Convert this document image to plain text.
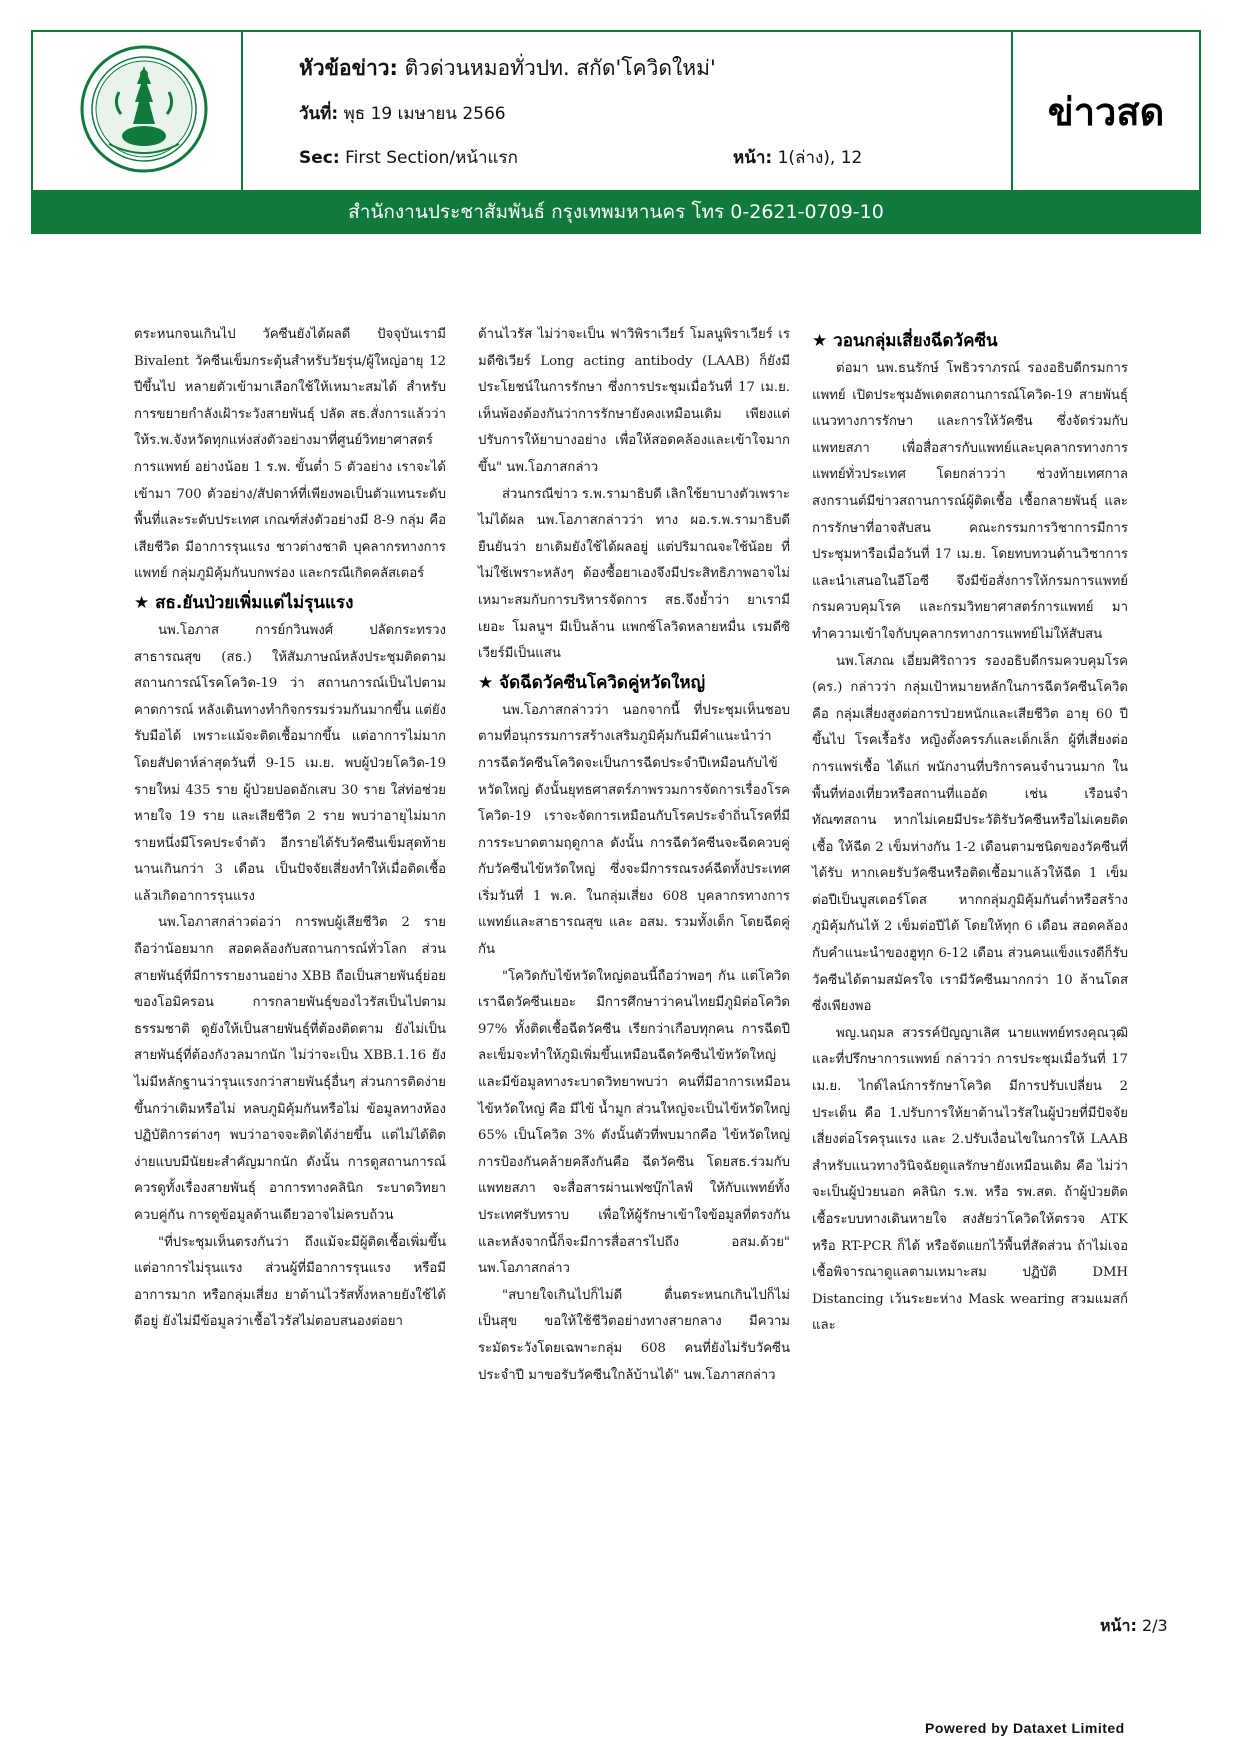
หัวข้อข่าว: ติวด่วนหมอทั่วปท. สกัด'โควิดใหม่'
วันที่: พุธ 19 เมษายน 2566
Sec: First Section/หน้าแรก	หน้า: 1(ล่าง), 12
ข่าวสด
สำนักงานประชาสัมพันธ์ กรุงเทพมหานคร โทร 0-2621-0709-10

ตระหนกจนเกินไป วัคซีนยังได้ผลดี ปัจจุบันเรามี Bivalent วัคซีนเข็มกระตุ้นสำหรับวัยรุ่น/ผู้ใหญ่อายุ 12 ปีขึ้นไป หลายตัวเข้ามาเลือกใช้ให้เหมาะสมได้ สำหรับการขยายกำลังเฝ้าระวังสายพันธุ์ ปลัด สธ.สั่งการแล้วว่าให้ร.พ.จังหวัดทุกแห่งส่งตัวอย่างมาที่ศูนย์วิทยาศาสตร์การแพทย์ อย่างน้อย 1 ร.พ. ขั้นต่ำ 5 ตัวอย่าง เราจะได้เข้ามา 700 ตัวอย่าง/สัปดาห์ที่เพียงพอเป็นตัวแทนระดับพื้นที่และระดับประเทศ เกณฑ์ส่งตัวอย่างมี 8-9 กลุ่ม คือ เสียชีวิต มีอาการรุนแรง ชาวต่างชาติ บุคลากรทางการแพทย์ กลุ่มภูมิคุ้มกันบกพร่อง และกรณีเกิดคลัสเตอร์

★ สธ.ยันป่วยเพิ่มแต่ไม่รุนแรง

นพ.โอภาส การย์กวินพงศ์ ปลัดกระทรวงสาธารณสุข (สธ.) ให้สัมภาษณ์หลังประชุมติดตามสถานการณ์โรคโควิด-19 ว่า สถานการณ์เป็นไปตามคาดการณ์ หลังเดินทางทำกิจกรรมร่วมกันมากขึ้น แต่ยังรับมือได้ เพราะแม้จะติดเชื้อมากขึ้น แต่อาการไม่มาก โดยสัปดาห์ล่าสุดวันที่ 9-15 เม.ย. พบผู้ป่วยโควิด-19 รายใหม่ 435 ราย ผู้ป่วยปอดอักเสบ 30 ราย ใส่ท่อช่วยหายใจ 19 ราย และเสียชีวิต 2 ราย พบว่าอายุไม่มาก รายหนึ่งมีโรคประจำตัว อีกรายได้รับวัคซีนเข็มสุดท้ายนานเกินกว่า 3 เดือน เป็นปัจจัยเสี่ยงทำให้เมื่อติดเชื้อแล้วเกิดอาการรุนแรง

นพ.โอภาสกล่าวต่อว่า การพบผู้เสียชีวิต 2 รายถือว่าน้อยมาก สอดคล้องกับสถานการณ์ทั่วโลก ส่วนสายพันธุ์ที่มีการรายงานอย่าง XBB ถือเป็นสายพันธุ์ย่อยของโอมิครอน การกลายพันธุ์ของไวรัสเป็นไปตามธรรมชาติ ดูยังให้เป็นสายพันธุ์ที่ต้องติดตาม ยังไม่เป็นสายพันธุ์ที่ต้องกังวลมากนัก ไม่ว่าจะเป็น XBB.1.16 ยังไม่มีหลักฐานว่ารุนแรงกว่าสายพันธุ์อื่นๆ ส่วนการติดง่ายขึ้นกว่าเดิมหรือไม่ หลบภูมิคุ้มกันหรือไม่ ข้อมูลทางห้องปฏิบัติการต่างๆ พบว่าอาจจะติดได้ง่ายขึ้น แต่ไม่ได้ติดง่ายแบบมีนัยยะสำคัญมากนัก ดังนั้น การดูสถานการณ์ควรดูทั้งเรื่องสายพันธุ์ อาการทางคลินิก ระบาดวิทยาควบคู่กัน การดูข้อมูลด้านเดียวอาจไม่ครบถ้วน

"ที่ประชุมเห็นตรงกันว่า ถึงแม้จะมีผู้ติดเชื้อเพิ่มขึ้นแต่อาการไม่รุนแรง ส่วนผู้ที่มีอาการรุนแรง หรือมีอาการมาก หรือกลุ่มเสี่ยง ยาต้านไวรัสทั้งหลายยังใช้ได้ดีอยู่ ยังไม่มีข้อมูลว่าเชื้อไวรัสไม่ตอบสนองต่อยา

ต้านไวรัส ไม่ว่าจะเป็น ฟาวิพิราเวียร์ โมลนูพิราเวียร์ เรมดีซิเวียร์ Long acting antibody (LAAB) ก็ยังมีประโยชน์ในการรักษา ซึ่งการประชุมเมื่อวันที่ 17 เม.ย. เห็นพ้องต้องกันว่าการรักษายังคงเหมือนเดิม เพียงแต่ปรับการให้ยาบางอย่าง เพื่อให้สอดคล้องและเข้าใจมากขึ้น" นพ.โอภาสกล่าว

ส่วนกรณีข่าว ร.พ.รามาธิบดี เลิกใช้ยาบางตัวเพราะไม่ได้ผล นพ.โอภาสกล่าวว่า ทาง ผอ.ร.พ.รามาธิบดียืนยันว่า ยาเดิมยังใช้ได้ผลอยู่ แต่ปริมาณจะใช้น้อย ที่ไม่ใช้เพราะหลังๆ ต้องซื้อยาเองจึงมีประสิทธิภาพอาจไม่เหมาะสมกับการบริหารจัดการ สธ.จึงย้ำว่า ยาเรามีเยอะ โมลนูฯ มีเป็นล้าน แพกซ์โลวิดหลายหมื่น เรมดีซิเวียร์มีเป็นแสน

★ จัดฉีดวัคซีนโควิดคู่หวัดใหญ่

นพ.โอภาสกล่าวว่า นอกจากนี้ ที่ประชุมเห็นชอบตามที่อนุกรรมการสร้างเสริมภูมิคุ้มกันมีคำแนะนำว่า การฉีดวัคซีนโควิดจะเป็นการฉีดประจำปีเหมือนกับไข้หวัดใหญ่ ดังนั้นยุทธศาสตร์ภาพรวมการจัดการเรื่องโรคโควิด-19 เราจะจัดการเหมือนกับโรคประจำถิ่นโรคที่มีการระบาดตามฤดูกาล ดังนั้น การฉีดวัคซีนจะฉีดควบคู่กับวัคซีนไข้หวัดใหญ่ ซึ่งจะมีการรณรงค์ฉีดทั้งประเทศเริ่มวันที่ 1 พ.ค. ในกลุ่มเสี่ยง 608 บุคลากรทางการแพทย์และสาธารณสุข และ อสม. รวมทั้งเด็ก โดยฉีดคู่กัน

"โควิดกับไข้หวัดใหญ่ตอนนี้ถือว่าพอๆ กัน แต่โควิดเราฉีดวัคซีนเยอะ มีการศึกษาว่าคนไทยมีภูมิต่อโควิด 97% ทั้งติดเชื้อฉีดวัคซีน เรียกว่าเกือบทุกคน การฉีดปีละเข็มจะทำให้ภูมิเพิ่มขึ้นเหมือนฉีดวัคซีนไข้หวัดใหญ่ และมีข้อมูลทางระบาดวิทยาพบว่า คนที่มีอาการเหมือนไข้หวัดใหญ่ คือ มีไข้ น้ำมูก ส่วนใหญ่จะเป็นไข้หวัดใหญ่ 65% เป็นโควิด 3% ดังนั้นตัวที่พบมากคือ ไข้หวัดใหญ่ การป้องกันคล้ายคลึงกันคือ ฉีดวัคซีน โดยสธ.ร่วมกับแพทยสภา จะสื่อสารผ่านเฟซบุ๊กไลฟ์ ให้กับแพทย์ทั้งประเทศรับทราบ เพื่อให้ผู้รักษาเข้าใจข้อมูลที่ตรงกัน และหลังจากนี้ก็จะมีการสื่อสารไปถึง อสม.ด้วย" นพ.โอภาสกล่าว

"สบายใจเกินไปก็ไม่ดี ตื่นตระหนกเกินไปก็ไม่เป็นสุข ขอให้ใช้ชีวิตอย่างทางสายกลาง มีความระมัดระวังโดยเฉพาะกลุ่ม 608 คนที่ยังไม่รับวัคซีนประจำปี มาขอรับวัคซีนใกล้บ้านได้" นพ.โอภาสกล่าว

★ วอนกลุ่มเสี่ยงฉีดวัคซีน

ต่อมา นพ.ธนรักษ์ โพธิวราภรณ์ รองอธิบดีกรมการแพทย์ เปิดประชุมอัพเดตสถานการณ์โควิด-19 สายพันธุ์ แนวทางการรักษา และการให้วัคซีน ซึ่งจัดร่วมกับแพทยสภา เพื่อสื่อสารกับแพทย์และบุคลากรทางการแพทย์ทั่วประเทศ โดยกล่าวว่า ช่วงท้ายเทศกาลสงกรานต์มีข่าวสถานการณ์ผู้ติดเชื้อ เชื้อกลายพันธุ์ และการรักษาที่อาจสับสน คณะกรรมการวิชาการมีการประชุมหารือเมื่อวันที่ 17 เม.ย. โดยทบทวนด้านวิชาการและนำเสนอในอีโอซี จึงมีข้อสั่งการให้กรมการแพทย์ กรมควบคุมโรค และกรมวิทยาศาสตร์การแพทย์ มาทำความเข้าใจกับบุคลากรทางการแพทย์ไม่ให้สับสน

นพ.โสภณ เอี่ยมศิริถาวร รองอธิบดีกรมควบคุมโรค (คร.) กล่าวว่า กลุ่มเป้าหมายหลักในการฉีดวัคซีนโควิด คือ กลุ่มเสี่ยงสูงต่อการป่วยหนักและเสียชีวิต อายุ 60 ปีขึ้นไป โรคเรื้อรัง หญิงตั้งครรภ์และเด็กเล็ก ผู้ที่เสี่ยงต่อการแพร่เชื้อ ได้แก่ พนักงานที่บริการคนจำนวนมาก ในพื้นที่ท่องเที่ยวหรือสถานที่แออัด เช่น เรือนจำ ทัณฑสถาน หากไม่เคยมีประวัติรับวัคซีนหรือไม่เคยติดเชื้อ ให้ฉีด 2 เข็มห่างกัน 1-2 เดือนตามชนิดของวัคซีนที่ได้รับ หากเคยรับวัคซีนหรือติดเชื้อมาแล้วให้ฉีด 1 เข็มต่อปีเป็นบูสเตอร์โดส หากกลุ่มภูมิคุ้มกันต่ำหรือสร้างภูมิคุ้มกันไห้ 2 เข็มต่อปีได้ โดยให้ทุก 6 เดือน สอดคล้องกับคำแนะนำของฮูทุก 6-12 เดือน ส่วนคนแข็งแรงดีก็รับวัคซีนได้ตามสมัครใจ เรามีวัคซีนมากกว่า 10 ล้านโดส ซึ่งเพียงพอ

พญ.นฤมล สวรรค์ปัญญาเลิศ นายแพทย์ทรงคุณวุฒิและที่ปรึกษาการแพทย์ กล่าวว่า การประชุมเมื่อวันที่ 17 เม.ย. ไกด์ไลน์การรักษาโควิด มีการปรับเปลี่ยน 2 ประเด็น คือ 1.ปรับการให้ยาต้านไวรัสในผู้ป่วยที่มีปัจจัยเสี่ยงต่อโรครุนแรง และ 2.ปรับเงื่อนไขในการให้ LAAB สำหรับแนวทางวินิจฉัยดูแลรักษายังเหมือนเดิม คือ ไม่ว่าจะเป็นผู้ป่วยนอก คลินิก ร.พ. หรือ รพ.สต. ถ้าผู้ป่วยติดเชื้อระบบทางเดินหายใจ สงสัยว่าโควิดให้ตรวจ ATK หรือ RT-PCR ก็ได้ หรือจัดแยกไว้พื้นที่สัดส่วน ถ้าไม่เจอเชื้อพิจารณาดูแลตามเหมาะสม ปฏิบัติ DMH Distancing เว้นระยะห่าง Mask wearing สวมแมสก์ และ

หน้า: 2/3
Powered by Dataxet Limited
